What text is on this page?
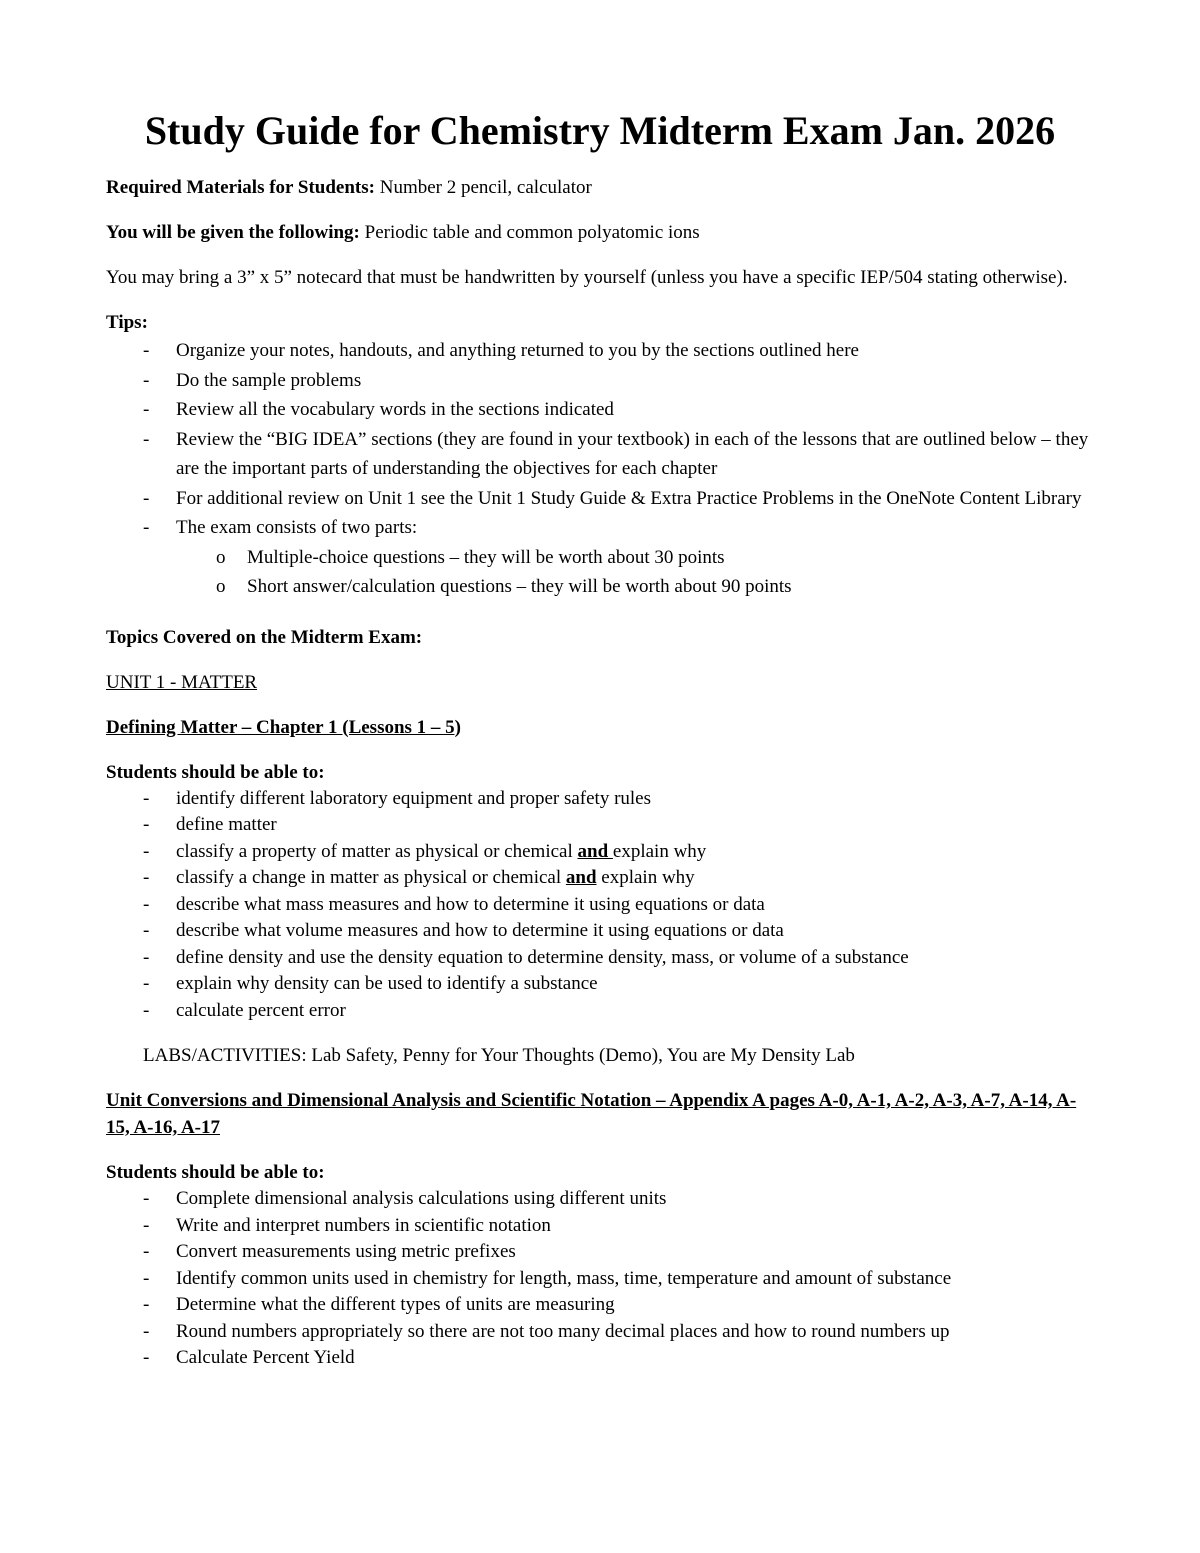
Study Guide for Chemistry Midterm Exam Jan. 2026

Required Materials for Students: Number 2 pencil, calculator

You will be given the following: Periodic table and common polyatomic ions

You may bring a 3” x 5” notecard that must be handwritten by yourself (unless you have a specific IEP/504 stating otherwise).

Tips:

- Organize your notes, handouts, and anything returned to you by the sections outlined here
- Do the sample problems
- Review all the vocabulary words in the sections indicated
- Review the “BIG IDEA” sections (they are found in your textbook) in each of the lessons that are outlined below – they are the important parts of understanding the objectives for each chapter
- For additional review on Unit 1 see the Unit 1 Study Guide & Extra Practice Problems in the OneNote Content Library
- The exam consists of two parts:
o Multiple-choice questions – they will be worth about 30 points
o Short answer/calculation questions – they will be worth about 90 points

Topics Covered on the Midterm Exam:

UNIT 1 - MATTER

Defining Matter – Chapter 1 (Lessons 1 – 5)

Students should be able to:

- identify different laboratory equipment and proper safety rules
- define matter
- classify a property of matter as physical or chemical and explain why
- classify a change in matter as physical or chemical and explain why
- describe what mass measures and how to determine it using equations or data
- describe what volume measures and how to determine it using equations or data
- define density and use the density equation to determine density, mass, or volume of a substance
- explain why density can be used to identify a substance
- calculate percent error

LABS/ACTIVITIES: Lab Safety, Penny for Your Thoughts (Demo), You are My Density Lab

Unit Conversions and Dimensional Analysis and Scientific Notation – Appendix A pages A-0, A-1, A-2, A-3, A-7, A-14, A-15, A-16, A-17

Students should be able to:

- Complete dimensional analysis calculations using different units
- Write and interpret numbers in scientific notation
- Convert measurements using metric prefixes
- Identify common units used in chemistry for length, mass, time, temperature and amount of substance
- Determine what the different types of units are measuring
- Round numbers appropriately so there are not too many decimal places and how to round numbers up
- Calculate Percent Yield
